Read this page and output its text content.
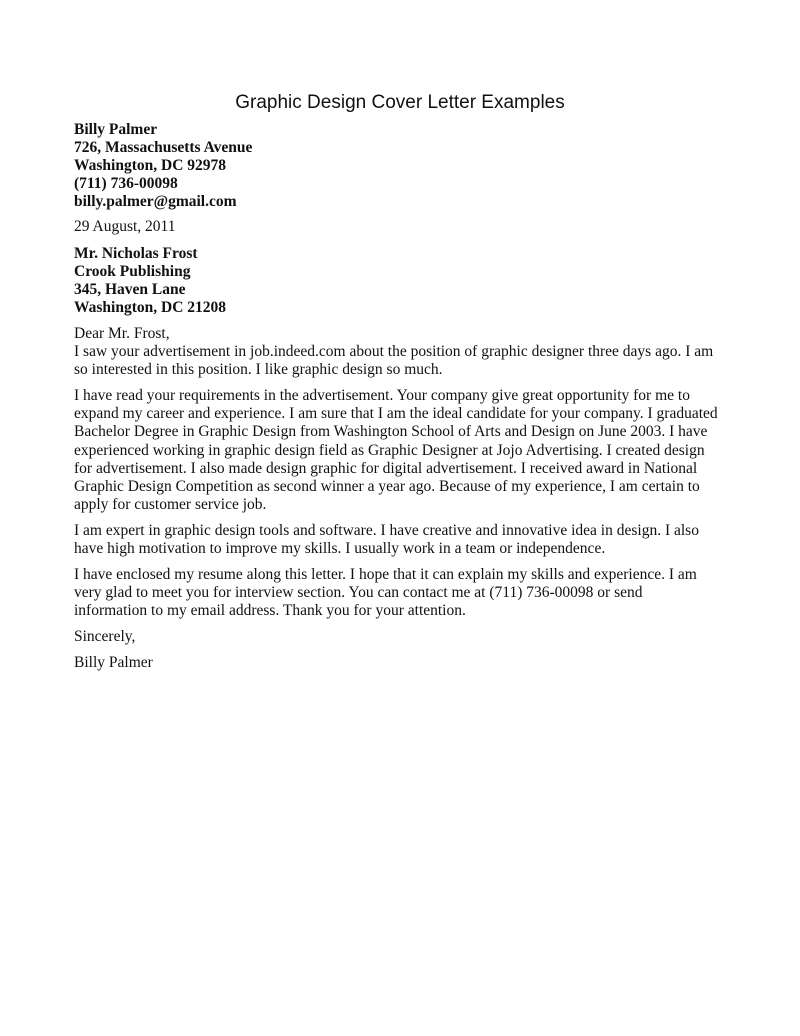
Graphic Design Cover Letter Examples
Billy Palmer
726, Massachusetts Avenue
Washington, DC 92978
(711) 736-00098
billy.palmer@gmail.com
29 August, 2011
Mr. Nicholas Frost
Crook Publishing
345, Haven Lane
Washington, DC 21208
Dear Mr. Frost,
I saw your advertisement in job.indeed.com about the position of graphic designer three days ago. I am
so interested in this position. I like graphic design so much.
I have read your requirements in the advertisement. Your company give great opportunity for me to
expand my career and experience. I am sure that I am the ideal candidate for your company. I graduated
Bachelor Degree in Graphic Design from Washington School of Arts and Design on June 2003. I have
experienced working in graphic design field as Graphic Designer at Jojo Advertising. I created design
for advertisement. I also made design graphic for digital advertisement. I received award in National
Graphic Design Competition as second winner a year ago. Because of my experience, I am certain to
apply for customer service job.
I am expert in graphic design tools and software. I have creative and innovative idea in design. I also
have high motivation to improve my skills. I usually work in a team or independence.
I have enclosed my resume along this letter. I hope that it can explain my skills and experience. I am
very glad to meet you for interview section. You can contact me at (711) 736-00098 or send
information to my email address. Thank you for your attention.
Sincerely,
Billy Palmer
